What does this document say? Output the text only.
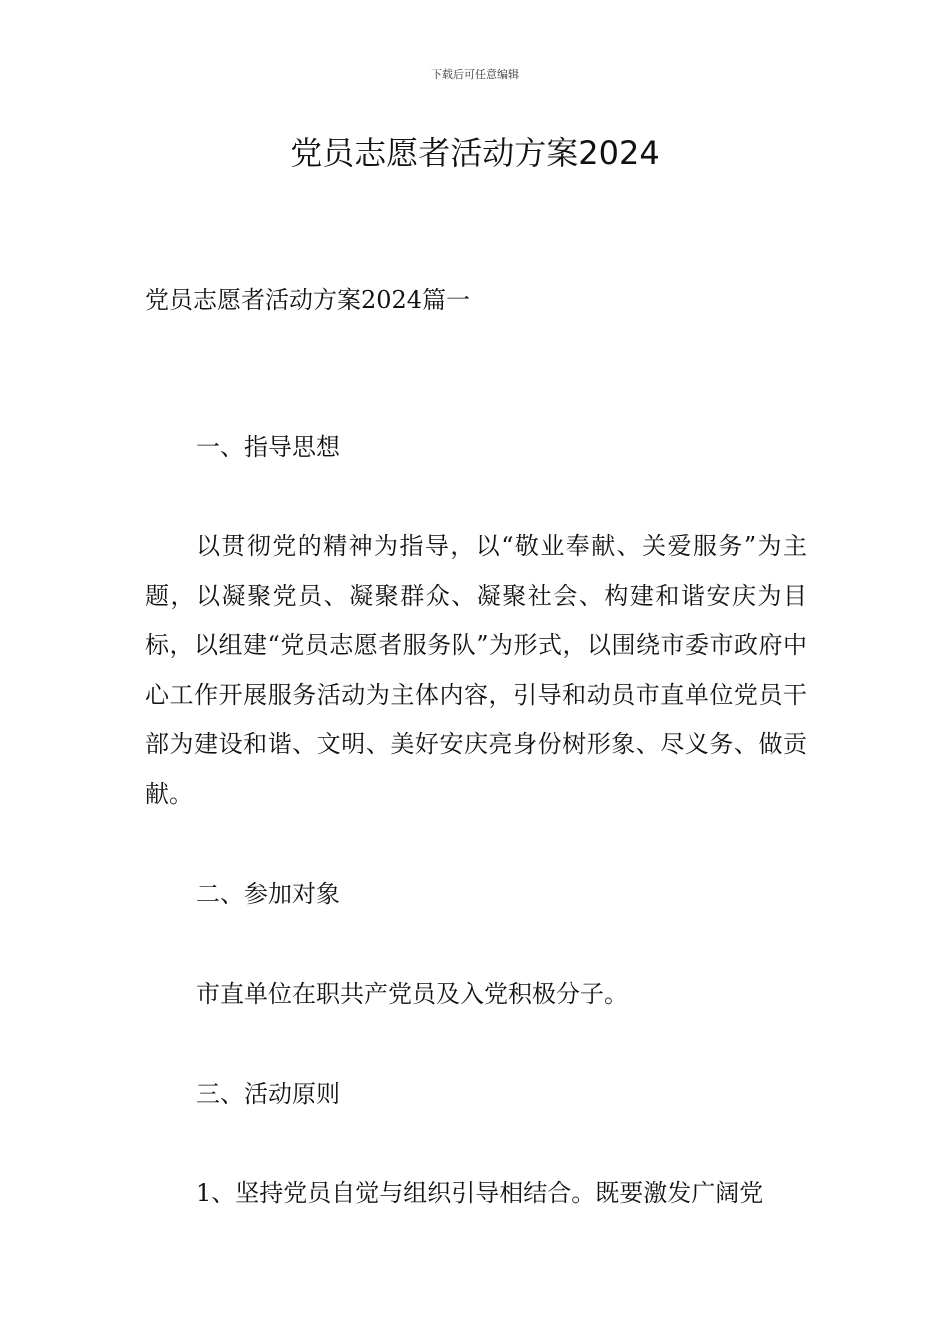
下载后可任意编辑
党员志愿者活动方案2024

党员志愿者活动方案2024篇一

一、指导思想

以贯彻党的精神为指导，以“敬业奉献、关爱服务”为主题，以凝聚党员、凝聚群众、凝聚社会、构建和谐安庆为目标，以组建“党员志愿者服务队”为形式，以围绕市委市政府中心工作开展服务活动为主体内容，引导和动员市直单位党员干部为建设和谐、文明、美好安庆亮身份树形象、尽义务、做贡献。

二、参加对象

市直单位在职共产党员及入党积极分子。

三、活动原则

1、坚持党员自觉与组织引导相结合。既要激发广阔党
